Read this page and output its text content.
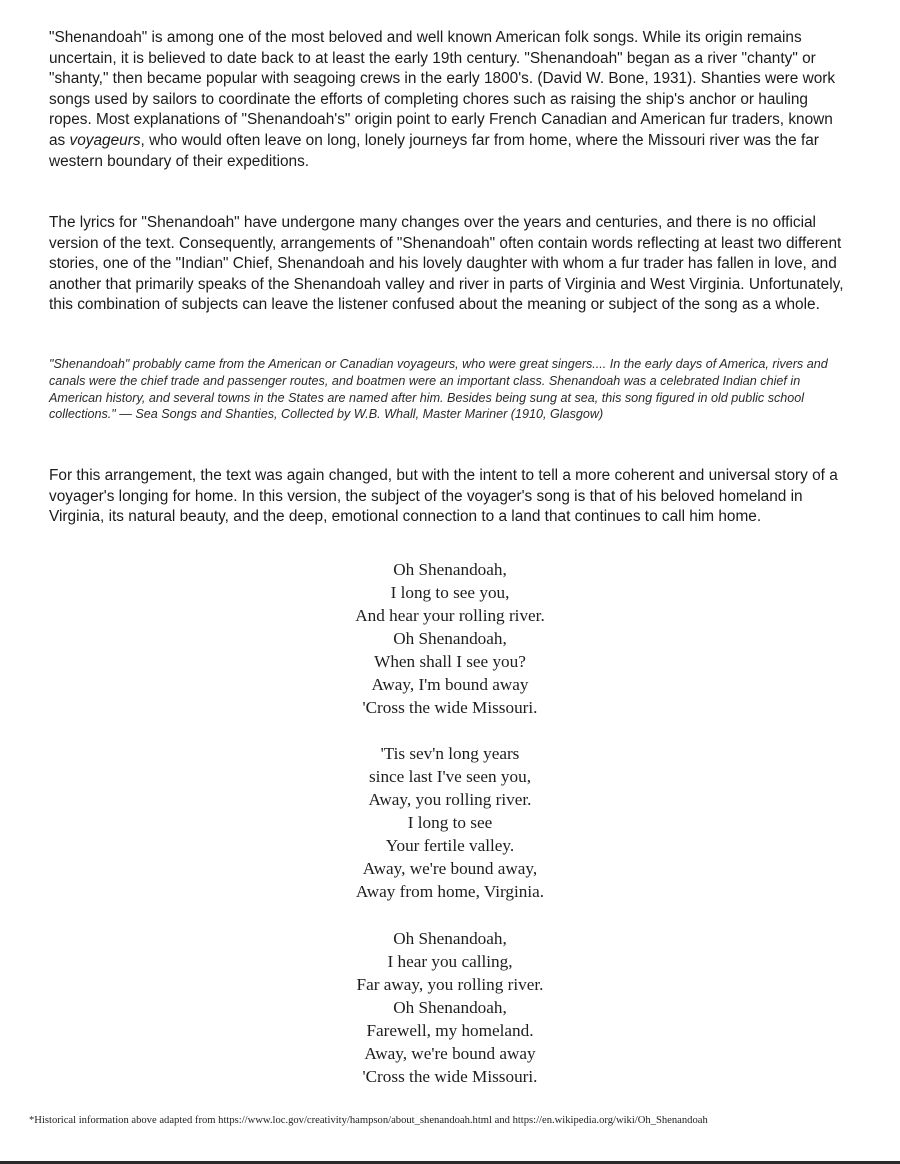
"Shenandoah" is among one of the most beloved and well known American folk songs. While its origin remains uncertain, it is believed to date back to at least the early 19th century. "Shenandoah" began as a river "chanty" or "shanty," then became popular with seagoing crews in the early 1800's. (David W. Bone, 1931). Shanties were work songs used by sailors to coordinate the efforts of completing chores such as raising the ship's anchor or hauling ropes. Most explanations of "Shenandoah's" origin point to early French Canadian and American fur traders, known as voyageurs, who would often leave on long, lonely journeys far from home, where the Missouri river was the far western boundary of their expeditions.

The lyrics for "Shenandoah" have undergone many changes over the years and centuries, and there is no official version of the text. Consequently, arrangements of "Shenandoah" often contain words reflecting at least two different stories, one of the "Indian" Chief, Shenandoah and his lovely daughter with whom a fur trader has fallen in love, and another that primarily speaks of the Shenandoah valley and river in parts of Virginia and West Virginia. Unfortunately, this combination of subjects can leave the listener confused about the meaning or subject of the song as a whole.

"Shenandoah" probably came from the American or Canadian voyageurs, who were great singers.... In the early days of America, rivers and canals were the chief trade and passenger routes, and boatmen were an important class. Shenandoah was a celebrated Indian chief in American history, and several towns in the States are named after him. Besides being sung at sea, this song figured in old public school collections." — Sea Songs and Shanties, Collected by W.B. Whall, Master Mariner (1910, Glasgow)

For this arrangement, the text was again changed, but with the intent to tell a more coherent and universal story of a voyager's longing for home. In this version, the subject of the voyager's song is that of his beloved homeland in Virginia, its natural beauty, and the deep, emotional connection to a land that continues to call him home.

Oh Shenandoah,
I long to see you,
And hear your rolling river.
Oh Shenandoah,
When shall I see you?
Away, I'm bound away
'Cross the wide Missouri.
'Tis sev'n long years
since last I've seen you,
Away, you rolling river.
I long to see
Your fertile valley.
Away, we're bound away,
Away from home, Virginia.
Oh Shenandoah,
I hear you calling,
Far away, you rolling river.
Oh Shenandoah,
Farewell, my homeland.
Away, we're bound away
'Cross the wide Missouri.
*Historical information above adapted from https://www.loc.gov/creativity/hampson/about_shenandoah.html and https://en.wikipedia.org/wiki/Oh_Shenandoah
